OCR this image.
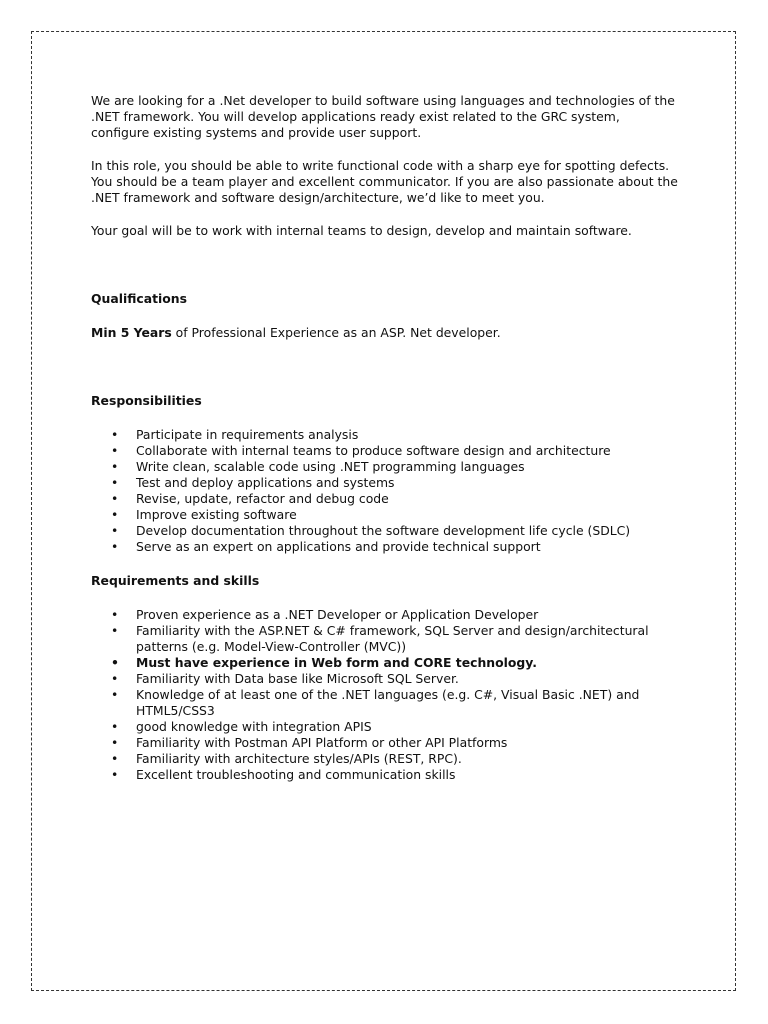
We are looking for a .Net developer to build software using languages and technologies of the .NET framework. You will develop applications ready exist related to the GRC system, configure existing systems and provide user support.

In this role, you should be able to write functional code with a sharp eye for spotting defects. You should be a team player and excellent communicator. If you are also passionate about the .NET framework and software design/architecture, we’d like to meet you.

Your goal will be to work with internal teams to design, develop and maintain software.

Qualifications

Min 5 Years of Professional Experience as an ASP. Net developer.

Responsibilities

• Participate in requirements analysis
• Collaborate with internal teams to produce software design and architecture
• Write clean, scalable code using .NET programming languages
• Test and deploy applications and systems
• Revise, update, refactor and debug code
• Improve existing software
• Develop documentation throughout the software development life cycle (SDLC)
• Serve as an expert on applications and provide technical support

Requirements and skills

• Proven experience as a .NET Developer or Application Developer
• Familiarity with the ASP.NET & C# framework, SQL Server and design/architectural patterns (e.g. Model-View-Controller (MVC))
• Must have experience in Web form and CORE technology.
• Familiarity with Data base like Microsoft SQL Server.
• Knowledge of at least one of the .NET languages (e.g. C#, Visual Basic .NET) and HTML5/CSS3
• good knowledge with integration APIS
• Familiarity with Postman API Platform or other API Platforms
• Familiarity with architecture styles/APIs (REST, RPC).
• Excellent troubleshooting and communication skills
